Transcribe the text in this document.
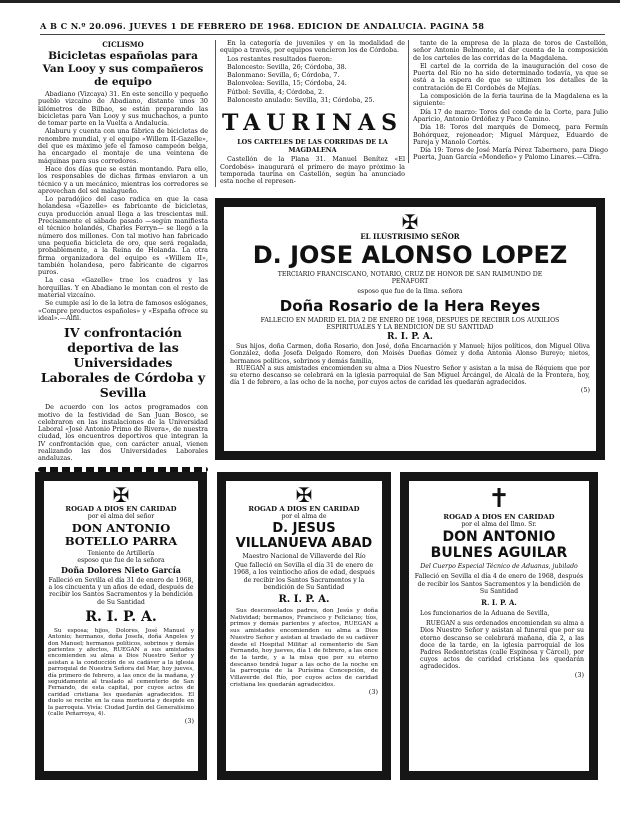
A B C N.º 20.096. JUEVES 1 DE FEBRERO DE 1968. EDICION DE ANDALUCIA. PAGINA 58
CICLISMO
Bicicletas españolas para Van Looy y sus compañeros de equipo

Abadiano (Vizcaya) 31. En este sencillo y pequeño pueblo vizcaíno de Abadiano, distante unos 30 kilómetros de Bilbao, se están preparando las bicicletas para Van Looy y sus muchachos, a punto de tomar parte en la Vuelta a Andalucía.

Alaburu y cuenta con una fábrica de bicicletas de renombre mundial, y el equipo «Willem II-Gazelle», del que es máximo jefe el famoso campeón belga, ha encargado el montaje de una veintena de máquinas para sus corredores.

Hace dos días que se están montando. Para ello, los responsables de dichas firmas enviaron a un técnico y a un mecánico, mientras los corredores se aprovechan del sol malagueño.

Lo paradójico del caso radica en que la casa holandesa «Gazelle» es fabricante de bicicletas, cuya producción anual llega a las trescientas mil. Precisamente el sábado pasado —según manifiesta el técnico holandés, Charles Ferryn— se llegó a la número dos millones. Con tal motivo han fabricado una pequeña bicicleta de oro, que será regalada, probablemente, a la Reina de Holanda. La otra firma organizadora del equipo es «Willem II», también holandesa, pero fabricante de cigarros puros.

La casa «Gazelle» trae los cuadros y las horquillas. Y en Abadiano le montan con el resto de material vizcaíno.

Se cumple así lo de la letra de famosos eslóganes, «Compre productos españoles» y «España ofrece su ideal».—Alfil.

IV confrontación deportiva de las Universidades Laborales de Córdoba y Sevilla

De acuerdo con los actos programados con motivo de la festividad de San Juan Bosco, se celebraron en las instalaciones de la Universidad Laboral «José Antonio Primo de Rivera», de nuestra ciudad, los encuentros deportivos que integran la IV confrontación que, con carácter anual, vienen realizando las dos Universidades Laborales andaluzas.

En la categoría de juveniles y en la modalidad de equipo a través, por equipos vencieron los de Córdoba.

Los restantes resultados fueron:

Baloncesto: Sevilla, 26; Córdoba, 38.

Balonmano: Sevilla, 6; Córdoba, 7.

Balonvolea: Sevilla, 15; Córdoba, 24.

Fútbol: Sevilla, 4; Córdoba, 2.

Baloncesto anulado: Sevilla, 31; Córdoba, 25.

TAURINAS
LOS CARTELES DE LAS CORRIDAS DE LA MAGDALENA

Castellón de la Plana 31. Manuel Benítez «El Cordobés» inaugurará el primero de mayo próximo la temporada taurina en Castellón, según ha anunciado esta noche el represen-

tante de la empresa de la plaza de toros de Castellón, señor Antonio Belmonte, al dar cuenta de la composición de los carteles de las corridas de la Magdalena.

El cartel de la corrida de la inauguración del coso de Puerta del Río no ha sido determinado todavía, ya que se está a la espera de que se ultimen los detalles de la contratación de El Cordobés de Mejías.

La composición de la feria taurina de la Magdalena es la siguiente:

Día 17 de marzo: Toros del conde de la Corte, para Julio Aparicio, Antonio Ordóñez y Paco Camino.

Día 18: Toros del marqués de Domecq, para Fermín Bohórquez, rejoneador; Miguel Márquez, Eduardo de Pareja y Manolo Cortés.

Día 19: Toros de José María Pérez Tabernero, para Diego Puerta, Juan García «Mondeño» y Palomo Linares.—Cifra.

✠
EL ILUSTRISIMO SEÑOR
D. JOSE ALONSO LOPEZ
TERCIARIO FRANCISCANO, NOTARIO, CRUZ DE HONOR DE SAN RAIMUNDO DE PEÑAFORT
esposo que fue de la Ilma. señora
Doña Rosario de la Hera Reyes
FALLECIO EN MADRID EL DIA 2 DE ENERO DE 1968, DESPUES DE RECIBIR LOS AUXILIOS ESPIRITUALES Y LA BENDICION DE SU SANTIDAD
R. I. P. A.

Sus hijos, doña Carmen, doña Rosario, don José, doña Encarnación y Manuel; hijos políticos, don Miguel Oliva González, doña Josefa Delgado Romero, don Moisés Dueñas Gómez y doña Antonia Alonso Bureyo; nietos, hermanos políticos, sobrinos y demás familia,

RUEGAN a sus amistades encomienden su alma a Dios Nuestro Señor y asistan a la misa de Réquiem que por su eterno descanso se celebrará en la iglesia parroquial de San Miguel Arcángel, de Alcalá de la Frontera, hoy, día 1 de febrero, a las ocho de la noche, por cuyos actos de caridad les quedarán agradecidos.

(5)
✠
ROGAD A DIOS EN CARIDAD
por el alma del señor
DON ANTONIO BOTELLO PARRA
Teniente de Artillería
esposo que fue de la señora
Doña Dolores Nieto García

Falleció en Sevilla el día 31 de enero de 1968, a los cincuenta y un años de edad, después de recibir los Santos Sacramentos y la bendición de Su Santidad

R. I. P. A.

Su esposa; hijos, Dolores, José Manuel y Antonio; hermanos, doña Josefa, doña Angeles y don Manuel; hermanos políticos, sobrinos y demás parientes y afectos, RUEGAN a sus amistades encomienden su alma a Dios Nuestro Señor y asistan a la conducción de su cadáver a la iglesia parroquial de Nuestra Señora del Mar, hoy jueves, día primero de febrero, a las once de la mañana, y seguidamente al traslado al cementerio de San Fernando, de esta capital, por cuyos actos de caridad cristiana les quedarán agradecidos. El duelo se recibe en la casa mortuoria y despide en la parroquia. Vivía: Ciudad Jardín del Generalísimo (calle Peñarroya, 4).

(3)
✠
ROGAD A DIOS EN CARIDAD
por el alma de
D. JESUS VILLANUEVA ABAD
Maestro Nacional de Villaverde del Río

Que falleció en Sevilla el día 31 de enero de 1968, a los veintiocho años de edad, después de recibir los Santos Sacramentos y la bendición de Su Santidad

R. I. P. A.

Sus desconsolados padres, don Jesús y doña Natividad; hermanos, Francisco y Feliciano; tíos, primos y demás parientes y afectos, RUEGAN a sus amistades encomienden su alma a Dios Nuestro Señor y asistan al traslado de su cadáver desde el Hospital Militar al cementerio de San Fernando, hoy jueves, día 1 de febrero, a las once de la tarde, y a la misa que por su eterno descanso tendrá lugar a las ocho de la noche en la parroquia de la Purísima Concepción, de Villaverde del Río, por cuyos actos de caridad cristiana les quedarán agradecidos.

(3)
✝
ROGAD A DIOS EN CARIDAD
por el alma del Ilmo. Sr.
DON ANTONIO BULNES AGUILAR
Del Cuerpo Especial Técnico de Aduanas, jubilado

Falleció en Sevilla el día 4 de enero de 1968, después de recibir los Santos Sacramentos y la bendición de Su Santidad

R. I. P. A.

Los funcionarios de la Aduana de Sevilla,

RUEGAN a sus ordenados encomiendan su alma a Dios Nuestro Señor y asistan al funeral que por su eterno descanso se celebrará mañana, día 2, a las doce de la tarde, en la iglesia parroquial de los Padres Redentoristas (calle Espinosa y Cárcel), por cuyos actos de caridad cristiana les quedarán agradecidos.

(3)
